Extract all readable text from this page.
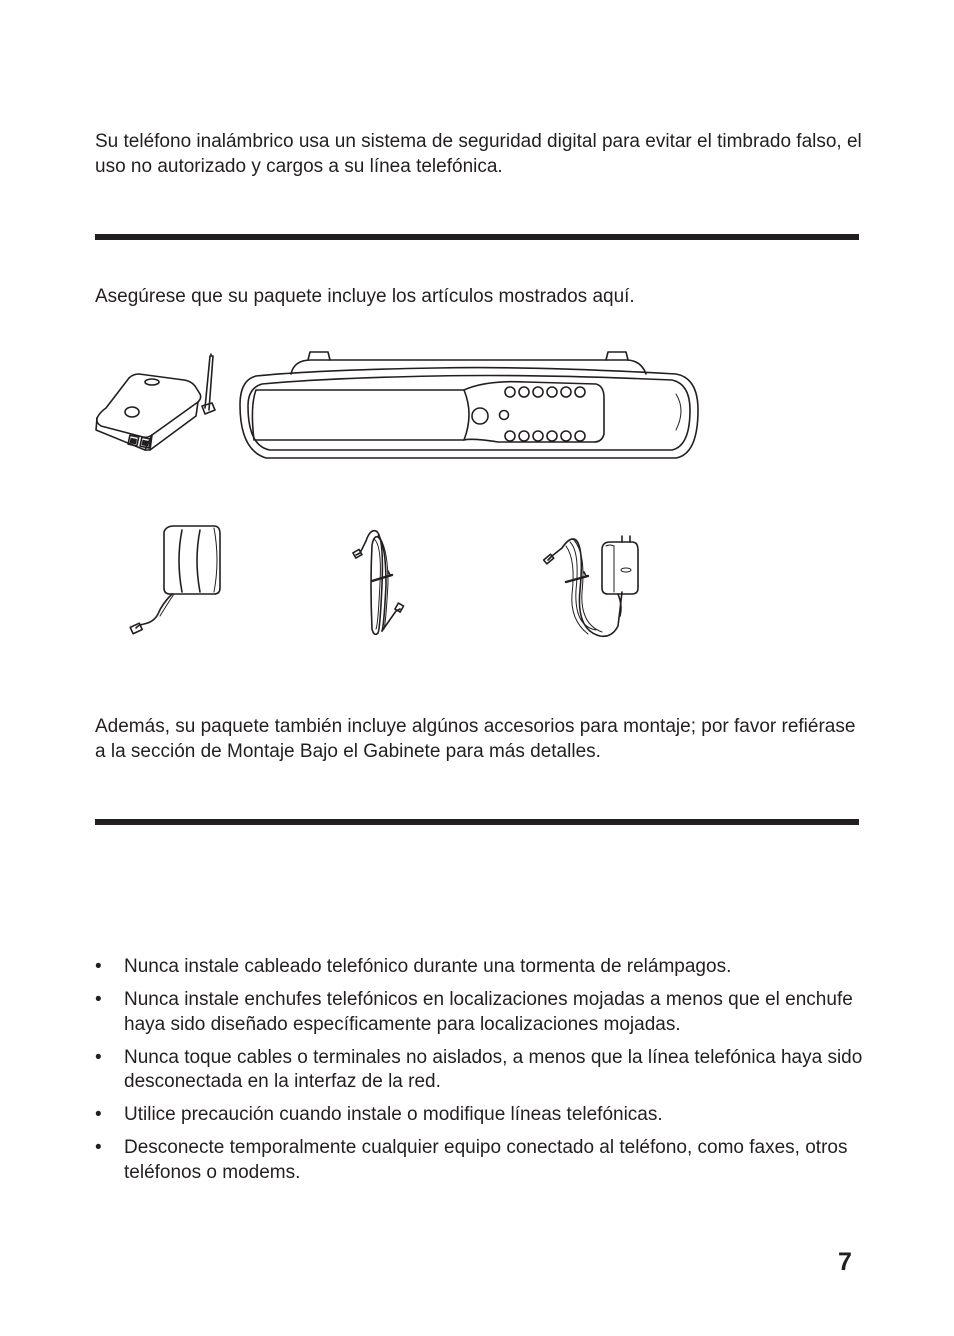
Su teléfono inalámbrico usa un sistema de seguridad digital para evitar el timbrado falso, el uso no autorizado y cargos a su línea telefónica.

Asegúrese que su paquete incluye los artículos mostrados aquí.

Además, su paquete también incluye algúnos accesorios para montaje; por favor refiérase a la sección de Montaje Bajo el Gabinete para más detalles.

• Nunca instale cableado telefónico durante una tormenta de relámpagos.
• Nunca instale enchufes telefónicos en localizaciones mojadas a menos que el enchufe haya sido diseñado específicamente para localizaciones mojadas.
• Nunca toque cables o terminales no aislados, a menos que la línea telefónica haya sido desconectada en la interfaz de la red.
• Utilice precaución cuando instale o modifique líneas telefónicas.
• Desconecte temporalmente cualquier equipo conectado al teléfono, como faxes, otros teléfonos o modems.
7
